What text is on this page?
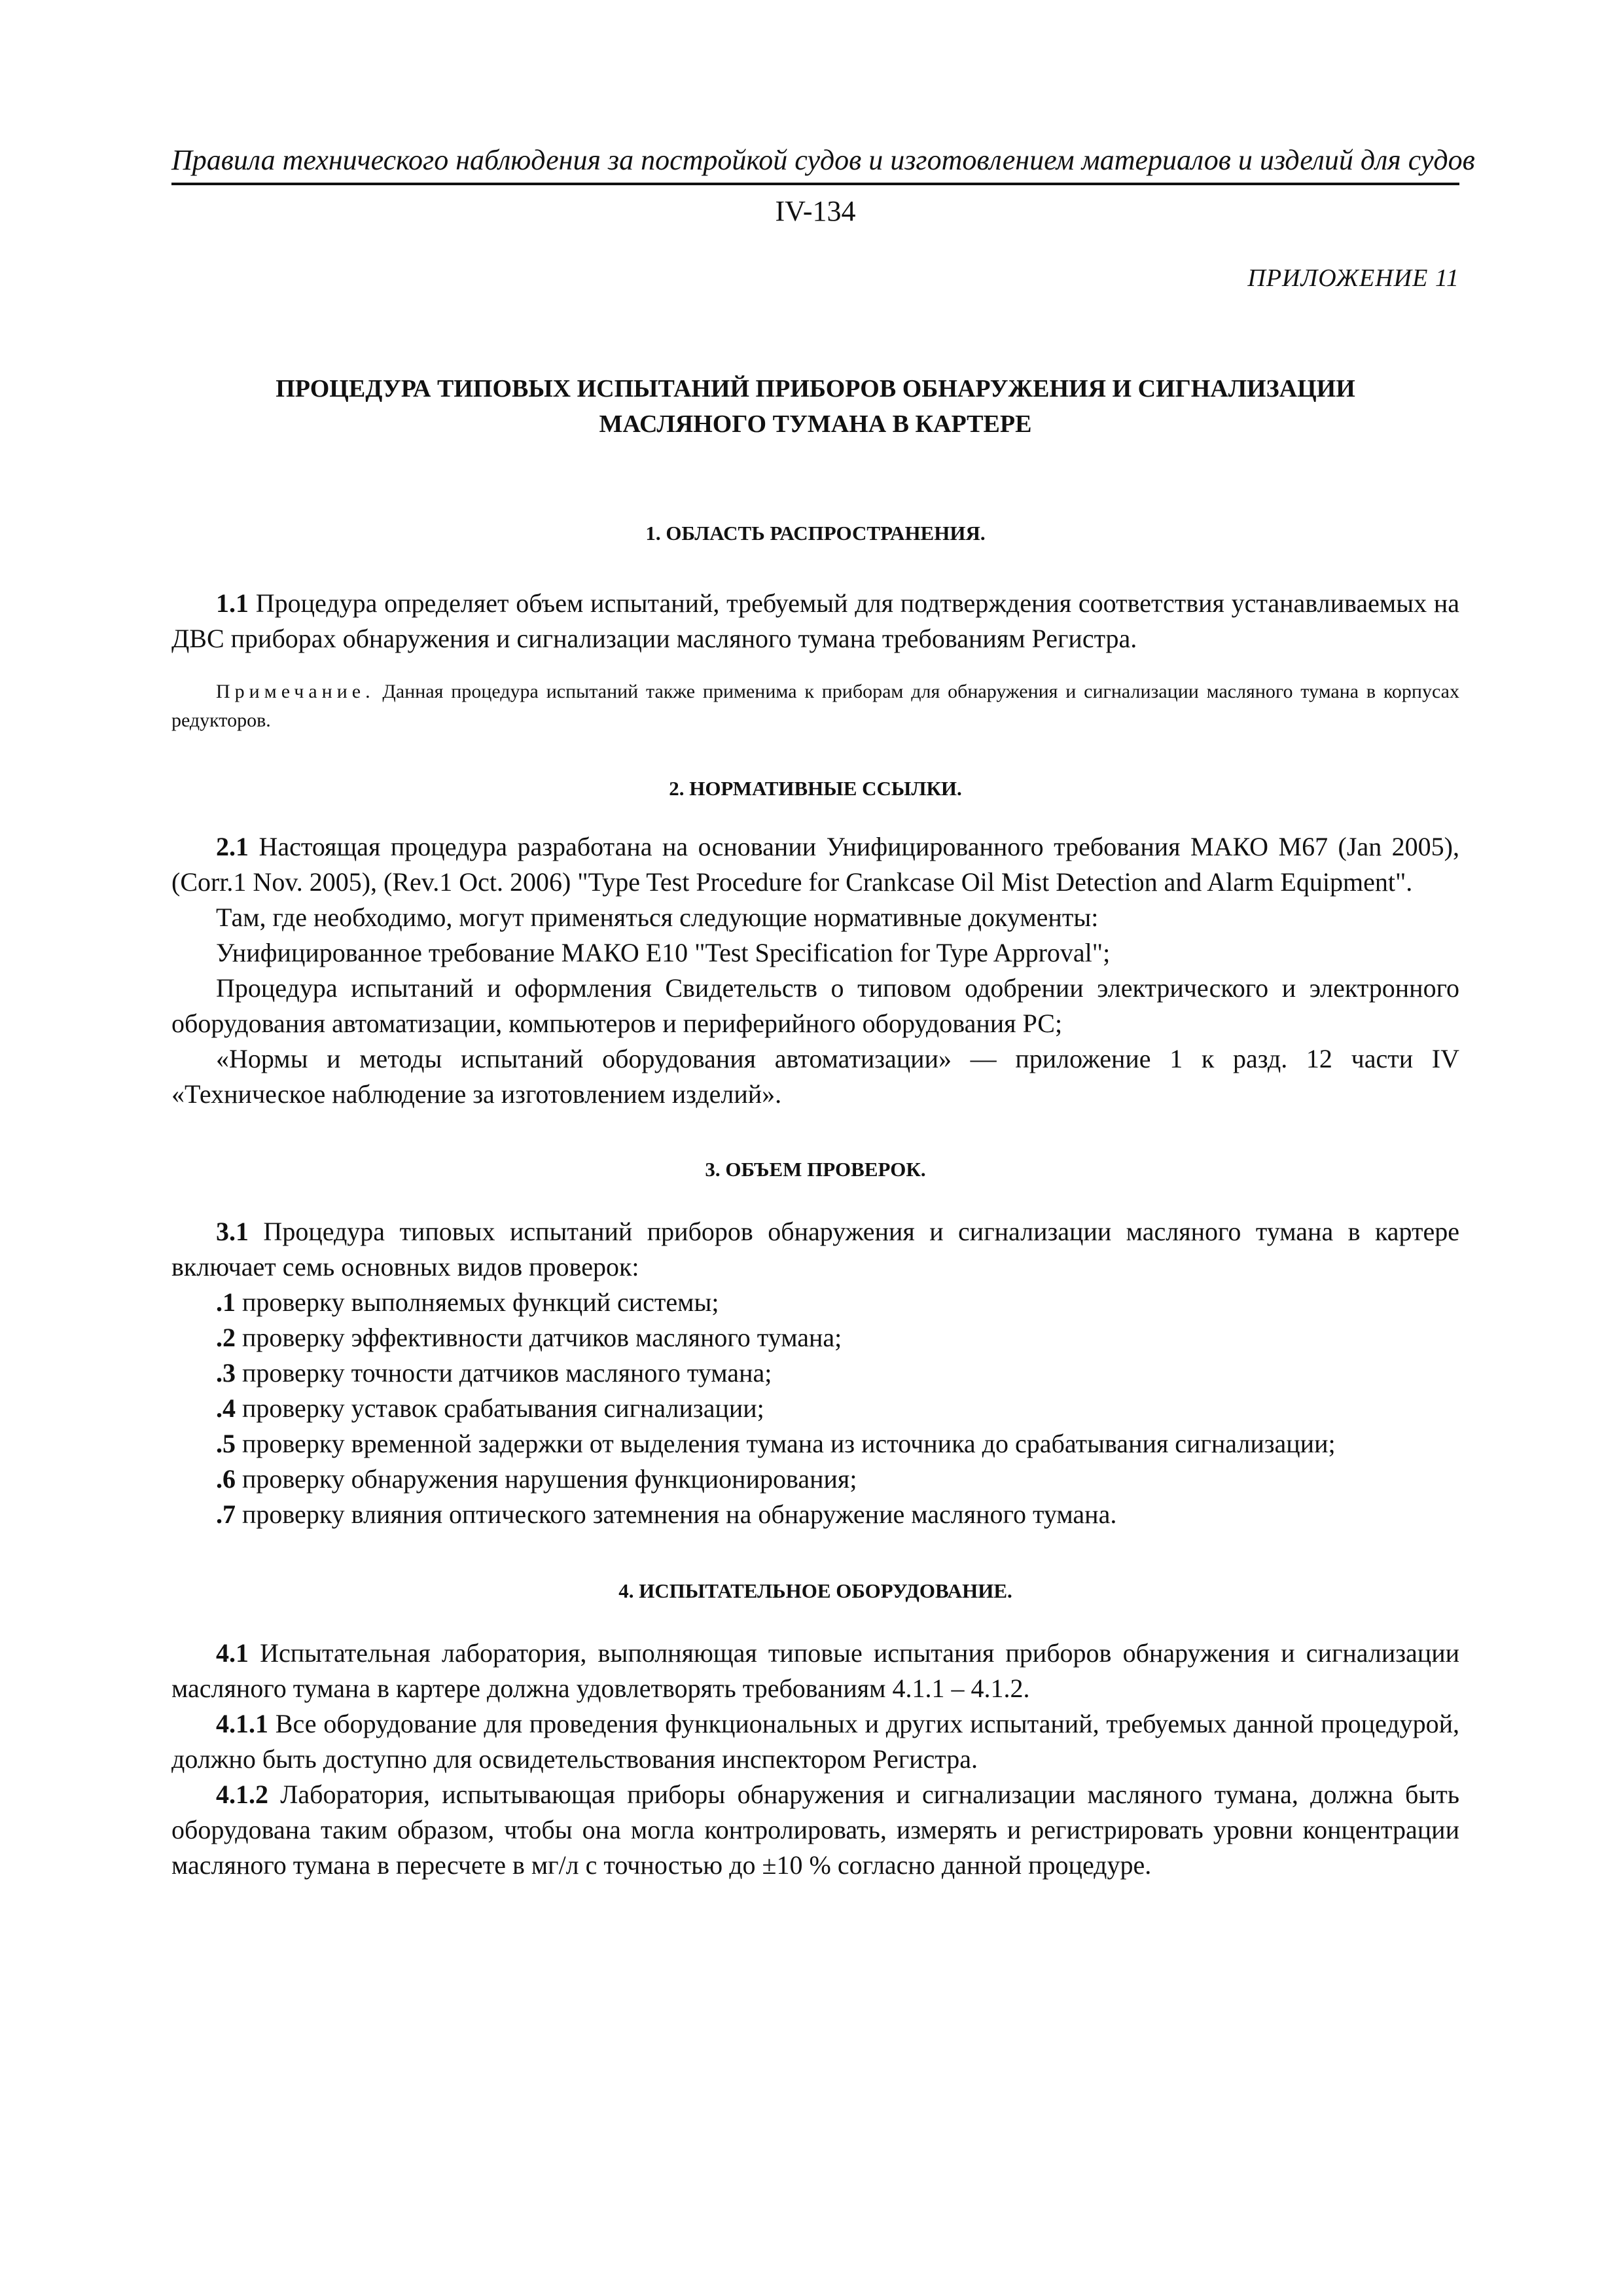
Правила технического наблюдения за постройкой судов и изготовлением материалов и изделий для судов
IV-134
ПРИЛОЖЕНИЕ 11
ПРОЦЕДУРА ТИПОВЫХ ИСПЫТАНИЙ ПРИБОРОВ ОБНАРУЖЕНИЯ И СИГНАЛИЗАЦИИ
МАСЛЯНОГО ТУМАНА В КАРТЕРЕ
1. ОБЛАСТЬ РАСПРОСТРАНЕНИЯ.

1.1 Процедура определяет объем испытаний, требуемый для подтверждения соответствия устанавливаемых на ДВС приборах обнаружения и сигнализации масляного тумана требованиям Регистра.

Примечание. Данная процедура испытаний также применима к приборам для обнаружения и сигнализации масляного тумана в корпусах редукторов.

2. НОРМАТИВНЫЕ ССЫЛКИ.

2.1 Настоящая процедура разработана на основании Унифицированного требования МАКО М67 (Jan 2005), (Corr.1 Nov. 2005), (Rev.1 Oct. 2006) "Type Test Procedure for Crankcase Oil Mist Detection and Alarm Equipment".

Там, где необходимо, могут применяться следующие нормативные документы:

Унифицированное требование МАКО Е10 "Test Specification for Type Approval";

Процедура испытаний и оформления Свидетельств о типовом одобрении электрического и электронного оборудования автоматизации, компьютеров и периферийного оборудования РС;

«Нормы и методы испытаний оборудования автоматизации» — приложение 1 к разд. 12 части IV «Техническое наблюдение за изготовлением изделий».

3. ОБЪЕМ ПРОВЕРОК.

3.1 Процедура типовых испытаний приборов обнаружения и сигнализации масляного тумана в картере включает семь основных видов проверок:

.1 проверку выполняемых функций системы;
.2 проверку эффективности датчиков масляного тумана;
.3 проверку точности датчиков масляного тумана;
.4 проверку уставок срабатывания сигнализации;
.5 проверку временной задержки от выделения тумана из источника до срабатывания сигнализации;
.6 проверку обнаружения нарушения функционирования;
.7 проверку влияния оптического затемнения на обнаружение масляного тумана.
4. ИСПЫТАТЕЛЬНОЕ ОБОРУДОВАНИЕ.

4.1 Испытательная лаборатория, выполняющая типовые испытания приборов обнаружения и сигнализации масляного тумана в картере должна удовлетворять требованиям 4.1.1 – 4.1.2.

4.1.1 Все оборудование для проведения функциональных и других испытаний, требуемых данной процедурой, должно быть доступно для освидетельствования инспектором Регистра.

4.1.2 Лаборатория, испытывающая приборы обнаружения и сигнализации масляного тумана, должна быть оборудована таким образом, чтобы она могла контролировать, измерять и регистрировать уровни концентрации масляного тумана в пересчете в мг/л с точностью до ±10 % согласно данной процедуре.
